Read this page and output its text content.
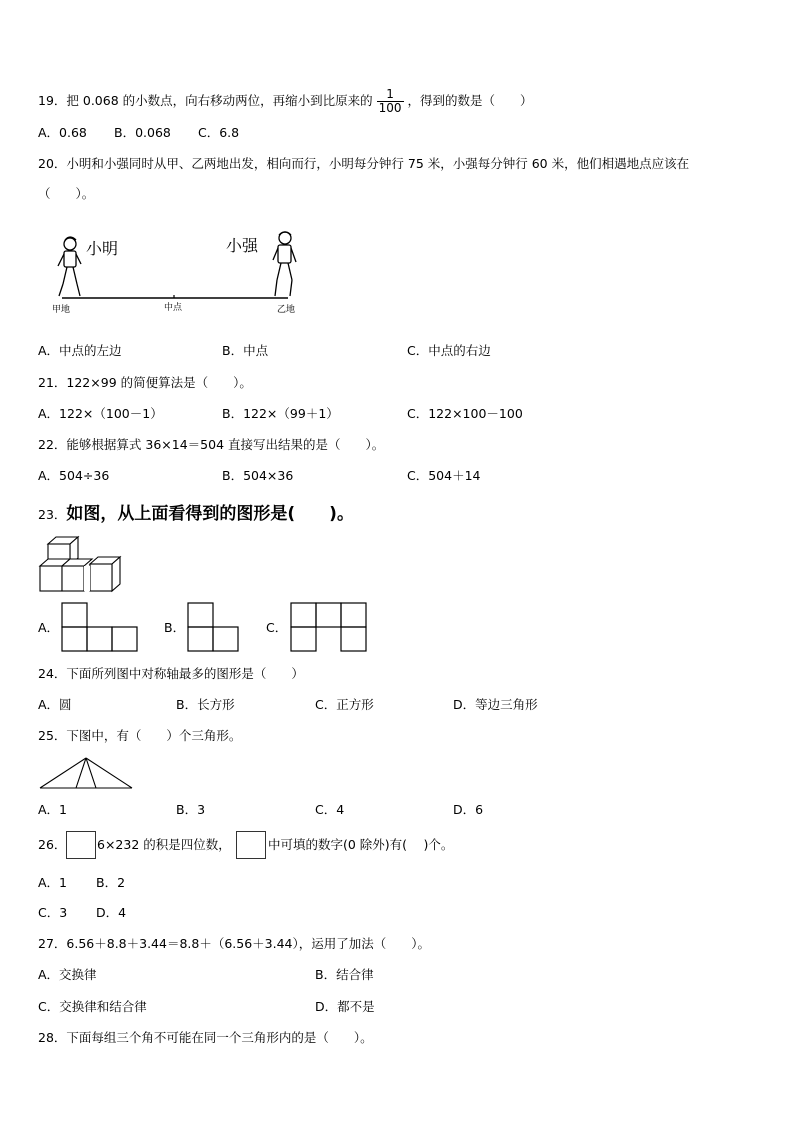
19．把 0.068 的小数点，向右移动两位，再缩小到比原来的 $\frac{1}{100}$ ，得到的数是（　　）
A．0.68 B．0.068 C．6.8
20．小明和小强同时从甲、乙两地出发，相向而行，小明每分钟行 75 米，小强每分钟行 60 米，他们相遇地点应该在
（　　）。
小明	小强
甲地	中点	乙地
A．中点的左边	B．中点	C．中点的右边
21．122×99 的简便算法是（　　）。
A．122×（100－1）	B．122×（99＋1）	C．122×100－100
22．能够根据算式 36×14＝504 直接写出结果的是（　　）。
A．504÷36	B．504×36	C．504＋14
23．如图，从上面看得到的图形是(　　)。
A．	B．	C．
24．下面所列图中对称轴最多的图形是（　　）
A．圆	B．长方形	C．正方形	D．等边三角形
25．下图中，有（　　）个三角形。
A．1	B．3	C．4	D．6
26． 6×232 的积是四位数，	中可填的数字(0 除外)有(　 )个。
A．1 B．2
C．3 D．4
27．6.56＋8.8＋3.44＝8.8＋（6.56＋3.44），运用了加法（　　）。
A．交换律	B．结合律
C．交换律和结合律	D．都不是
28．下面每组三个角不可能在同一个三角形内的是（　　）。
